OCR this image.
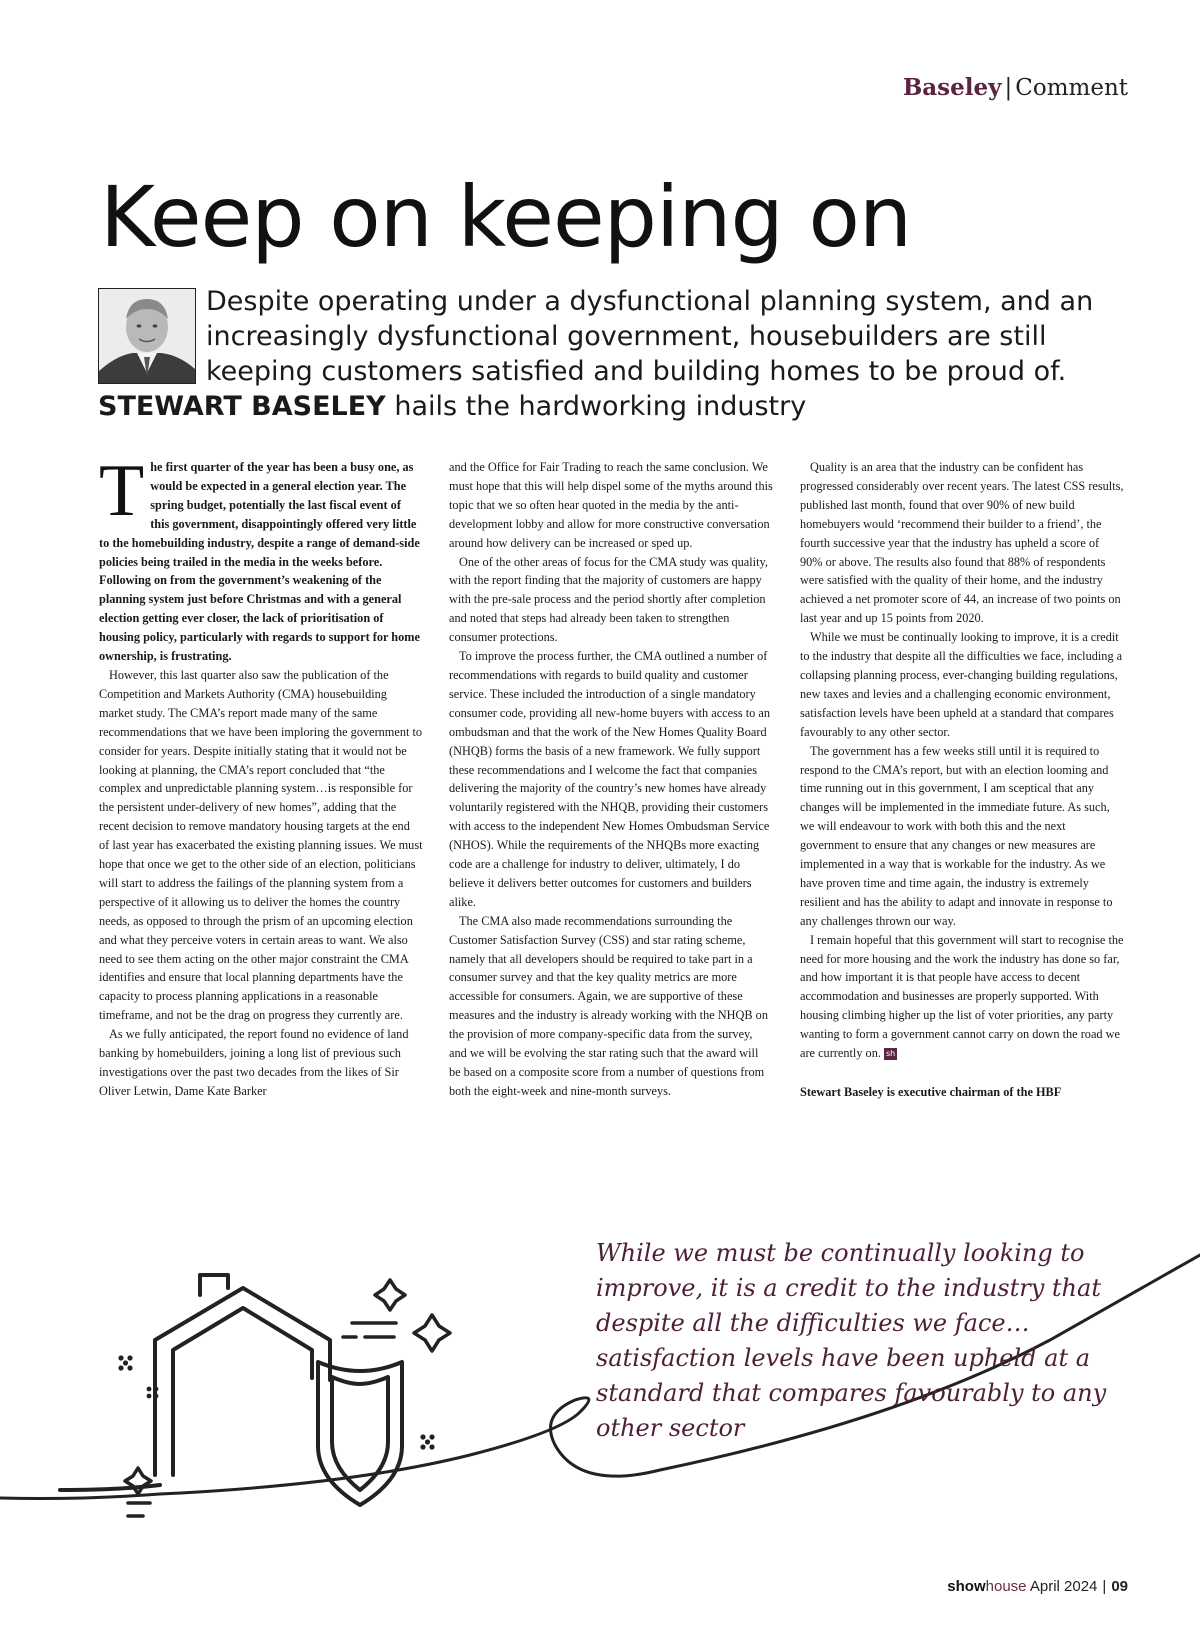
Baseley | Comment
Keep on keeping on
Despite operating under a dysfunctional planning system, and an increasingly dysfunctional government, housebuilders are still keeping customers satisfied and building homes to be proud of.
STEWART BASELEY hails the hardworking industry

The first quarter of the year has been a busy one, as would be expected in a general election year. The spring budget, potentially the last fiscal event of this government, disappointingly offered very little to the homebuilding industry, despite a range of demand-side policies being trailed in the media in the weeks before. Following on from the government’s weakening of the planning system just before Christmas and with a general election getting ever closer, the lack of prioritisation of housing policy, particularly with regards to support for home ownership, is frustrating.

However, this last quarter also saw the publication of the Competition and Markets Authority (CMA) housebuilding market study. The CMA’s report made many of the same recommendations that we have been imploring the government to consider for years. Despite initially stating that it would not be looking at planning, the CMA’s report concluded that “the complex and unpredictable planning system…is responsible for the persistent under-delivery of new homes”, adding that the recent decision to remove mandatory housing targets at the end of last year has exacerbated the existing planning issues. We must hope that once we get to the other side of an election, politicians will start to address the failings of the planning system from a perspective of it allowing us to deliver the homes the country needs, as opposed to through the prism of an upcoming election and what they perceive voters in certain areas to want. We also need to see them acting on the other major constraint the CMA identifies and ensure that local planning departments have the capacity to process planning applications in a reasonable timeframe, and not be the drag on progress they currently are.

As we fully anticipated, the report found no evidence of land banking by homebuilders, joining a long list of previous such investigations over the past two decades from the likes of Sir Oliver Letwin, Dame Kate Barker

and the Office for Fair Trading to reach the same conclusion. We must hope that this will help dispel some of the myths around this topic that we so often hear quoted in the media by the anti-development lobby and allow for more constructive conversation around how delivery can be increased or sped up.

One of the other areas of focus for the CMA study was quality, with the report finding that the majority of customers are happy with the pre-sale process and the period shortly after completion and noted that steps had already been taken to strengthen consumer protections.

To improve the process further, the CMA outlined a number of recommendations with regards to build quality and customer service. These included the introduction of a single mandatory consumer code, providing all new-home buyers with access to an ombudsman and that the work of the New Homes Quality Board (NHQB) forms the basis of a new framework. We fully support these recommendations and I welcome the fact that companies delivering the majority of the country’s new homes have already voluntarily registered with the NHQB, providing their customers with access to the independent New Homes Ombudsman Service (NHOS). While the requirements of the NHQBs more exacting code are a challenge for industry to deliver, ultimately, I do believe it delivers better outcomes for customers and builders alike.

The CMA also made recommendations surrounding the Customer Satisfaction Survey (CSS) and star rating scheme, namely that all developers should be required to take part in a consumer survey and that the key quality metrics are more accessible for consumers. Again, we are supportive of these measures and the industry is already working with the NHQB on the provision of more company-specific data from the survey, and we will be evolving the star rating such that the award will be based on a composite score from a number of questions from both the eight-week and nine-month surveys.

Quality is an area that the industry can be confident has progressed considerably over recent years. The latest CSS results, published last month, found that over 90% of new build homebuyers would ‘recommend their builder to a friend’, the fourth successive year that the industry has upheld a score of 90% or above. The results also found that 88% of respondents were satisfied with the quality of their home, and the industry achieved a net promoter score of 44, an increase of two points on last year and up 15 points from 2020.

While we must be continually looking to improve, it is a credit to the industry that despite all the difficulties we face, including a collapsing planning process, ever-changing building regulations, new taxes and levies and a challenging economic environment, satisfaction levels have been upheld at a standard that compares favourably to any other sector.

The government has a few weeks still until it is required to respond to the CMA’s report, but with an election looming and time running out in this government, I am sceptical that any changes will be implemented in the immediate future. As such, we will endeavour to work with both this and the next government to ensure that any changes or new measures are implemented in a way that is workable for the industry. As we have proven time and time again, the industry is extremely resilient and has the ability to adapt and innovate in response to any challenges thrown our way.

I remain hopeful that this government will start to recognise the need for more housing and the work the industry has done so far, and how important it is that people have access to decent accommodation and businesses are properly supported. With housing climbing higher up the list of voter priorities, any party wanting to form a government cannot carry on down the road we are currently on. sh

Stewart Baseley is executive chairman of the HBF

While we must be continually looking to improve, it is a credit to the industry that despite all the difficulties we face… satisfaction levels have been upheld at a standard that compares favourably to any other sector
showhouse April 2024 | 09
